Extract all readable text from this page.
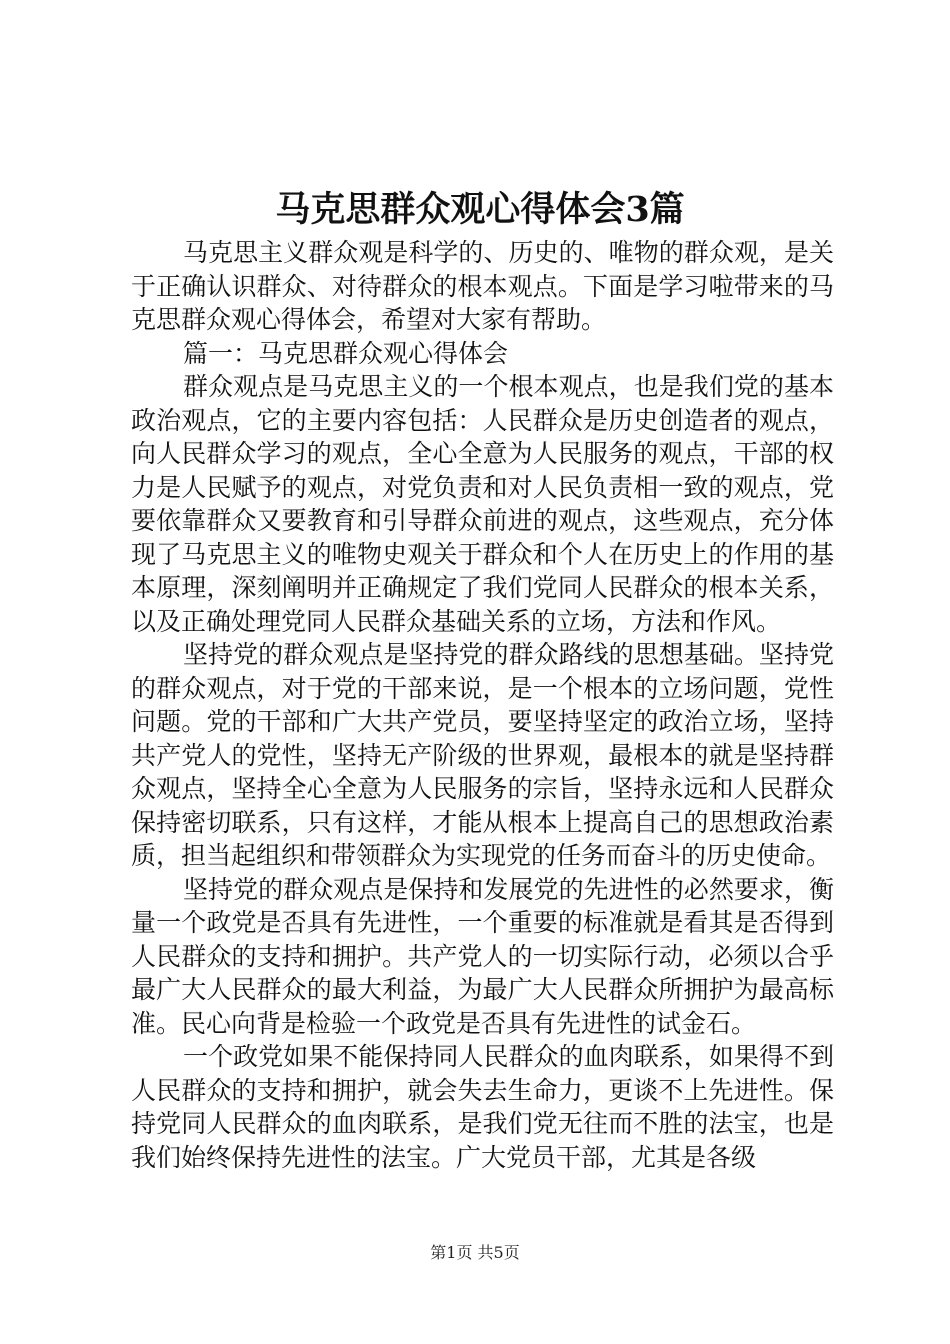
马克思群众观心得体会3篇

马克思主义群众观是科学的、历史的、唯物的群众观，是关于正确认识群众、对待群众的根本观点。下面是学习啦带来的马克思群众观心得体会，希望对大家有帮助。

篇一：马克思群众观心得体会

群众观点是马克思主义的一个根本观点，也是我们党的基本政治观点，它的主要内容包括：人民群众是历史创造者的观点，向人民群众学习的观点，全心全意为人民服务的观点，干部的权力是人民赋予的观点，对党负责和对人民负责相一致的观点，党要依靠群众又要教育和引导群众前进的观点，这些观点，充分体现了马克思主义的唯物史观关于群众和个人在历史上的作用的基本原理，深刻阐明并正确规定了我们党同人民群众的根本关系，以及正确处理党同人民群众基础关系的立场，方法和作风。

坚持党的群众观点是坚持党的群众路线的思想基础。坚持党的群众观点，对于党的干部来说，是一个根本的立场问题，党性问题。党的干部和广大共产党员，要坚持坚定的政治立场，坚持共产党人的党性，坚持无产阶级的世界观，最根本的就是坚持群众观点，坚持全心全意为人民服务的宗旨，坚持永远和人民群众保持密切联系，只有这样，才能从根本上提高自己的思想政治素质，担当起组织和带领群众为实现党的任务而奋斗的历史使命。

坚持党的群众观点是保持和发展党的先进性的必然要求，衡量一个政党是否具有先进性，一个重要的标准就是看其是否得到人民群众的支持和拥护。共产党人的一切实际行动，必须以合乎最广大人民群众的最大利益，为最广大人民群众所拥护为最高标准。民心向背是检验一个政党是否具有先进性的试金石。

一个政党如果不能保持同人民群众的血肉联系，如果得不到人民群众的支持和拥护，就会失去生命力，更谈不上先进性。保持党同人民群众的血肉联系，是我们党无往而不胜的法宝，也是我们始终保持先进性的法宝。广大党员干部，尤其是各级

第1页 共5页
